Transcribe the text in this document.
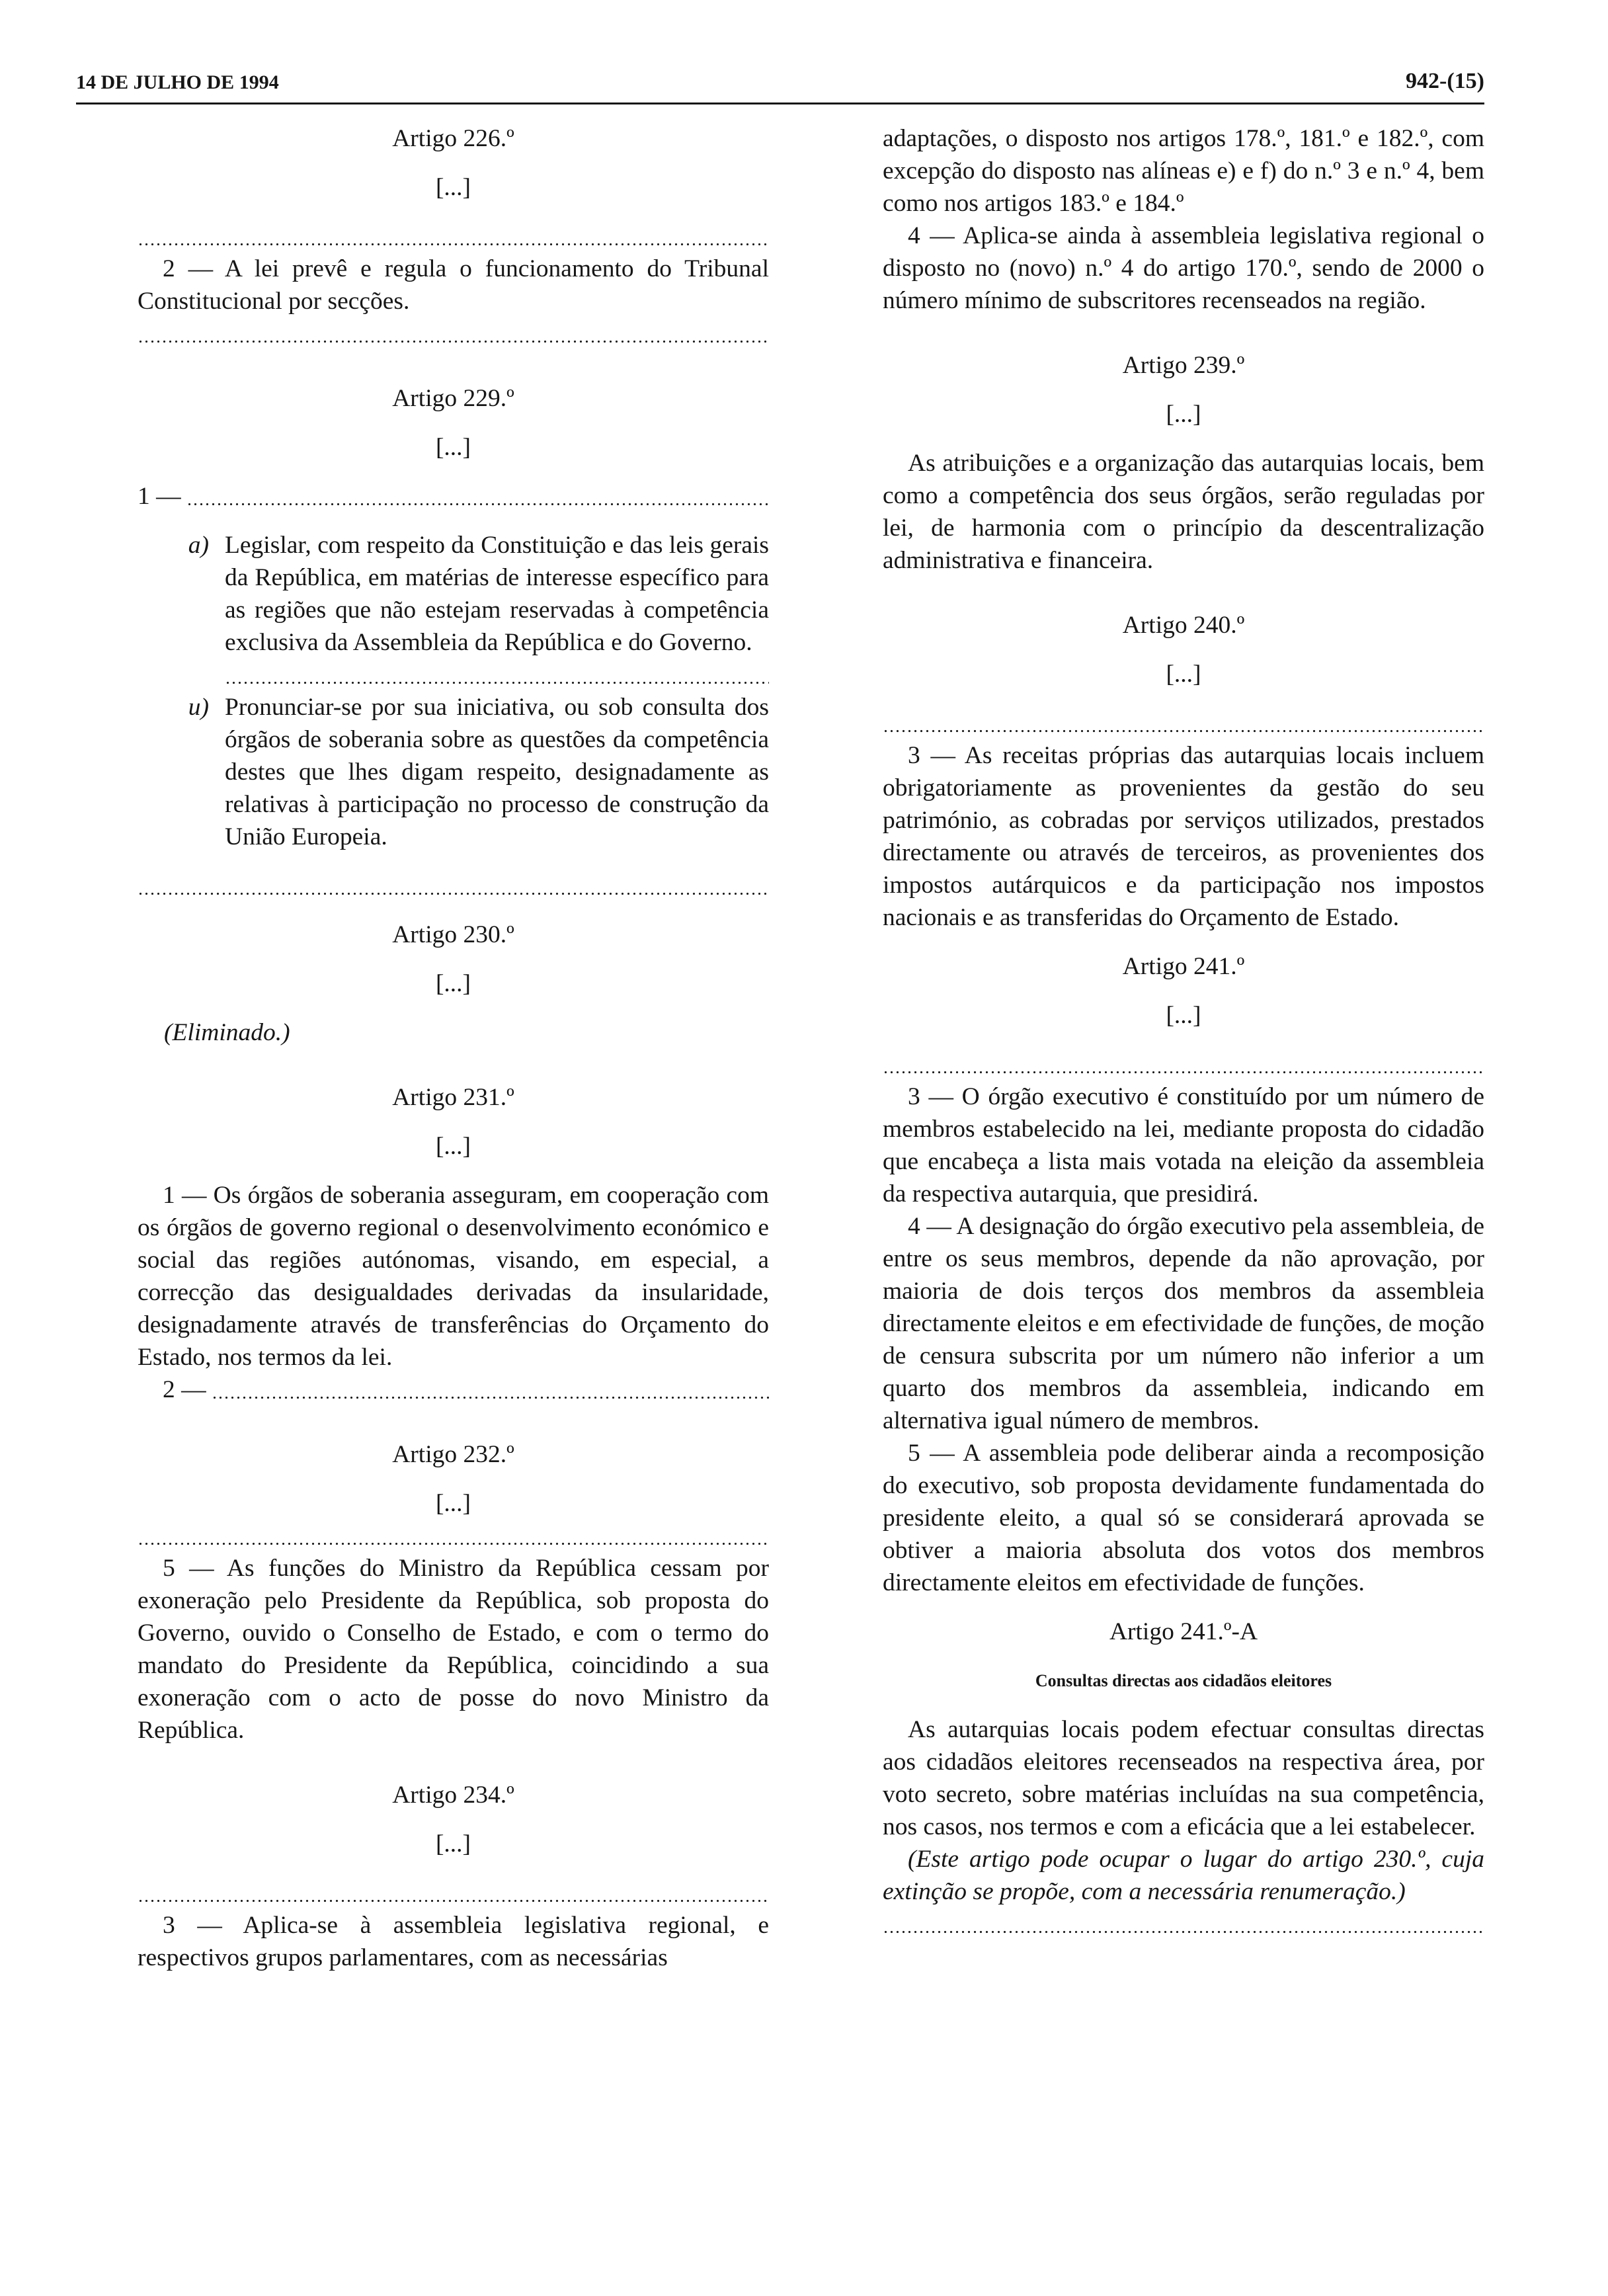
14 DE JULHO DE 1994	942-(15)

Artigo 226.º

[...]

2 — A lei prevê e regula o funcionamento do Tribunal Constitucional por secções.

Artigo 229.º

[...]

1 —
a) Legislar, com respeito da Constituição e das leis gerais da República, em matérias de interesse específico para as regiões que não estejam reservadas à competência exclusiva da Assembleia da República e do Governo.
u) Pronunciar-se por sua iniciativa, ou sob consulta dos órgãos de soberania sobre as questões da competência destes que lhes digam respeito, designadamente as relativas à participação no processo de construção da União Europeia.

Artigo 230.º

[...]

(Eliminado.)

Artigo 231.º

[...]

1 — Os órgãos de soberania asseguram, em cooperação com os órgãos de governo regional o desenvolvimento económico e social das regiões autónomas, visando, em especial, a correcção das desigualdades derivadas da insularidade, designadamente através de transferências do Orçamento do Estado, nos termos da lei.

2 —

Artigo 232.º

[...]

5 — As funções do Ministro da República cessam por exoneração pelo Presidente da República, sob proposta do Governo, ouvido o Conselho de Estado, e com o termo do mandato do Presidente da República, coincidindo a sua exoneração com o acto de posse do novo Ministro da República.

Artigo 234.º

[...]

3 — Aplica-se à assembleia legislativa regional, e respectivos grupos parlamentares, com as necessárias

adaptações, o disposto nos artigos 178.º, 181.º e 182.º, com excepção do disposto nas alíneas e) e f) do n.º 3 e n.º 4, bem como nos artigos 183.º e 184.º

4 — Aplica-se ainda à assembleia legislativa regional o disposto no (novo) n.º 4 do artigo 170.º, sendo de 2000 o número mínimo de subscritores recenseados na região.

Artigo 239.º

[...]

As atribuições e a organização das autarquias locais, bem como a competência dos seus órgãos, serão reguladas por lei, de harmonia com o princípio da descentralização administrativa e financeira.

Artigo 240.º

[...]

3 — As receitas próprias das autarquias locais incluem obrigatoriamente as provenientes da gestão do seu património, as cobradas por serviços utilizados, prestados directamente ou através de terceiros, as provenientes dos impostos autárquicos e da participação nos impostos nacionais e as transferidas do Orçamento de Estado.

Artigo 241.º

[...]

3 — O órgão executivo é constituído por um número de membros estabelecido na lei, mediante proposta do cidadão que encabeça a lista mais votada na eleição da assembleia da respectiva autarquia, que presidirá.

4 — A designação do órgão executivo pela assembleia, de entre os seus membros, depende da não aprovação, por maioria de dois terços dos membros da assembleia directamente eleitos e em efectividade de funções, de moção de censura subscrita por um número não inferior a um quarto dos membros da assembleia, indicando em alternativa igual número de membros.

5 — A assembleia pode deliberar ainda a recomposição do executivo, sob proposta devidamente fundamentada do presidente eleito, a qual só se considerará aprovada se obtiver a maioria absoluta dos votos dos membros directamente eleitos em efectividade de funções.

Artigo 241.º-A

Consultas directas aos cidadãos eleitores

As autarquias locais podem efectuar consultas directas aos cidadãos eleitores recenseados na respectiva área, por voto secreto, sobre matérias incluídas na sua competência, nos casos, nos termos e com a eficácia que a lei estabelecer.

(Este artigo pode ocupar o lugar do artigo 230.º, cuja extinção se propõe, com a necessária renumeração.)
